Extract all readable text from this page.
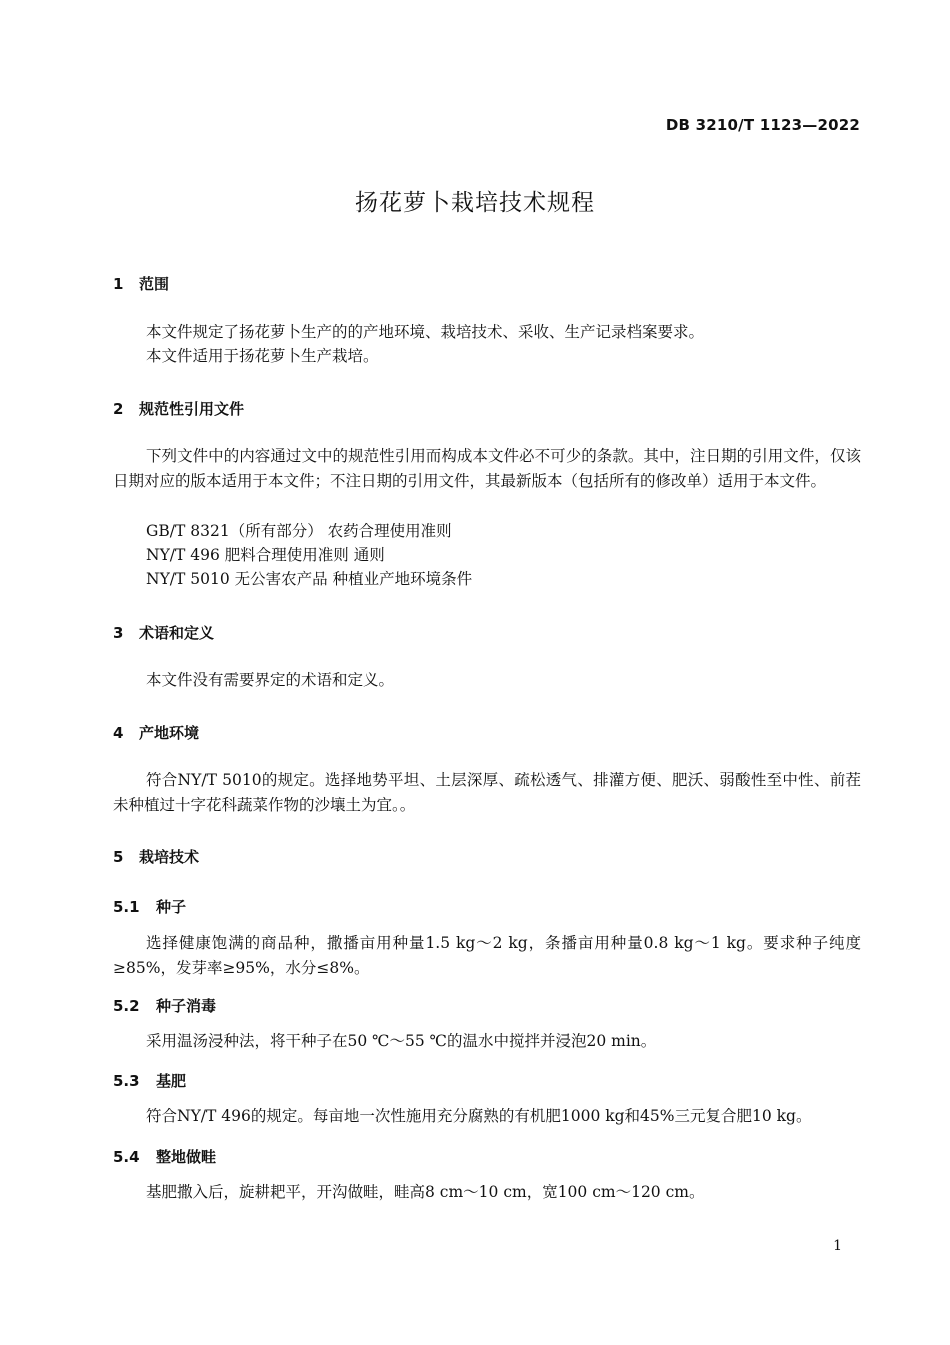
DB 3210/T 1123—2022
扬花萝卜栽培技术规程
1 范围

本文件规定了扬花萝卜生产的的产地环境、栽培技术、采收、生产记录档案要求。

本文件适用于扬花萝卜生产栽培。

2 规范性引用文件

下列文件中的内容通过文中的规范性引用而构成本文件必不可少的条款。其中，注日期的引用文件，仅该日期对应的版本适用于本文件；不注日期的引用文件，其最新版本（包括所有的修改单）适用于本文件。

GB/T 8321（所有部分） 农药合理使用准则
NY/T 496 肥料合理使用准则 通则
NY/T 5010 无公害农产品 种植业产地环境条件
3 术语和定义

本文件没有需要界定的术语和定义。

4 产地环境

符合NY/T 5010的规定。选择地势平坦、土层深厚、疏松透气、排灌方便、肥沃、弱酸性至中性、前茬未种植过十字花科蔬菜作物的沙壤土为宜。。

5 栽培技术
5.1 种子

选择健康饱满的商品种，撒播亩用种量1.5 kg～2 kg，条播亩用种量0.8 kg～1 kg。要求种子纯度≥85%，发芽率≥95%，水分≤8%。

5.2 种子消毒

采用温汤浸种法，将干种子在50 ℃～55 ℃的温水中搅拌并浸泡20 min。

5.3 基肥

符合NY/T 496的规定。每亩地一次性施用充分腐熟的有机肥1000 kg和45%三元复合肥10 kg。

5.4 整地做畦

基肥撒入后，旋耕耙平，开沟做畦，畦高8 cm～10 cm，宽100 cm～120 cm。

1
